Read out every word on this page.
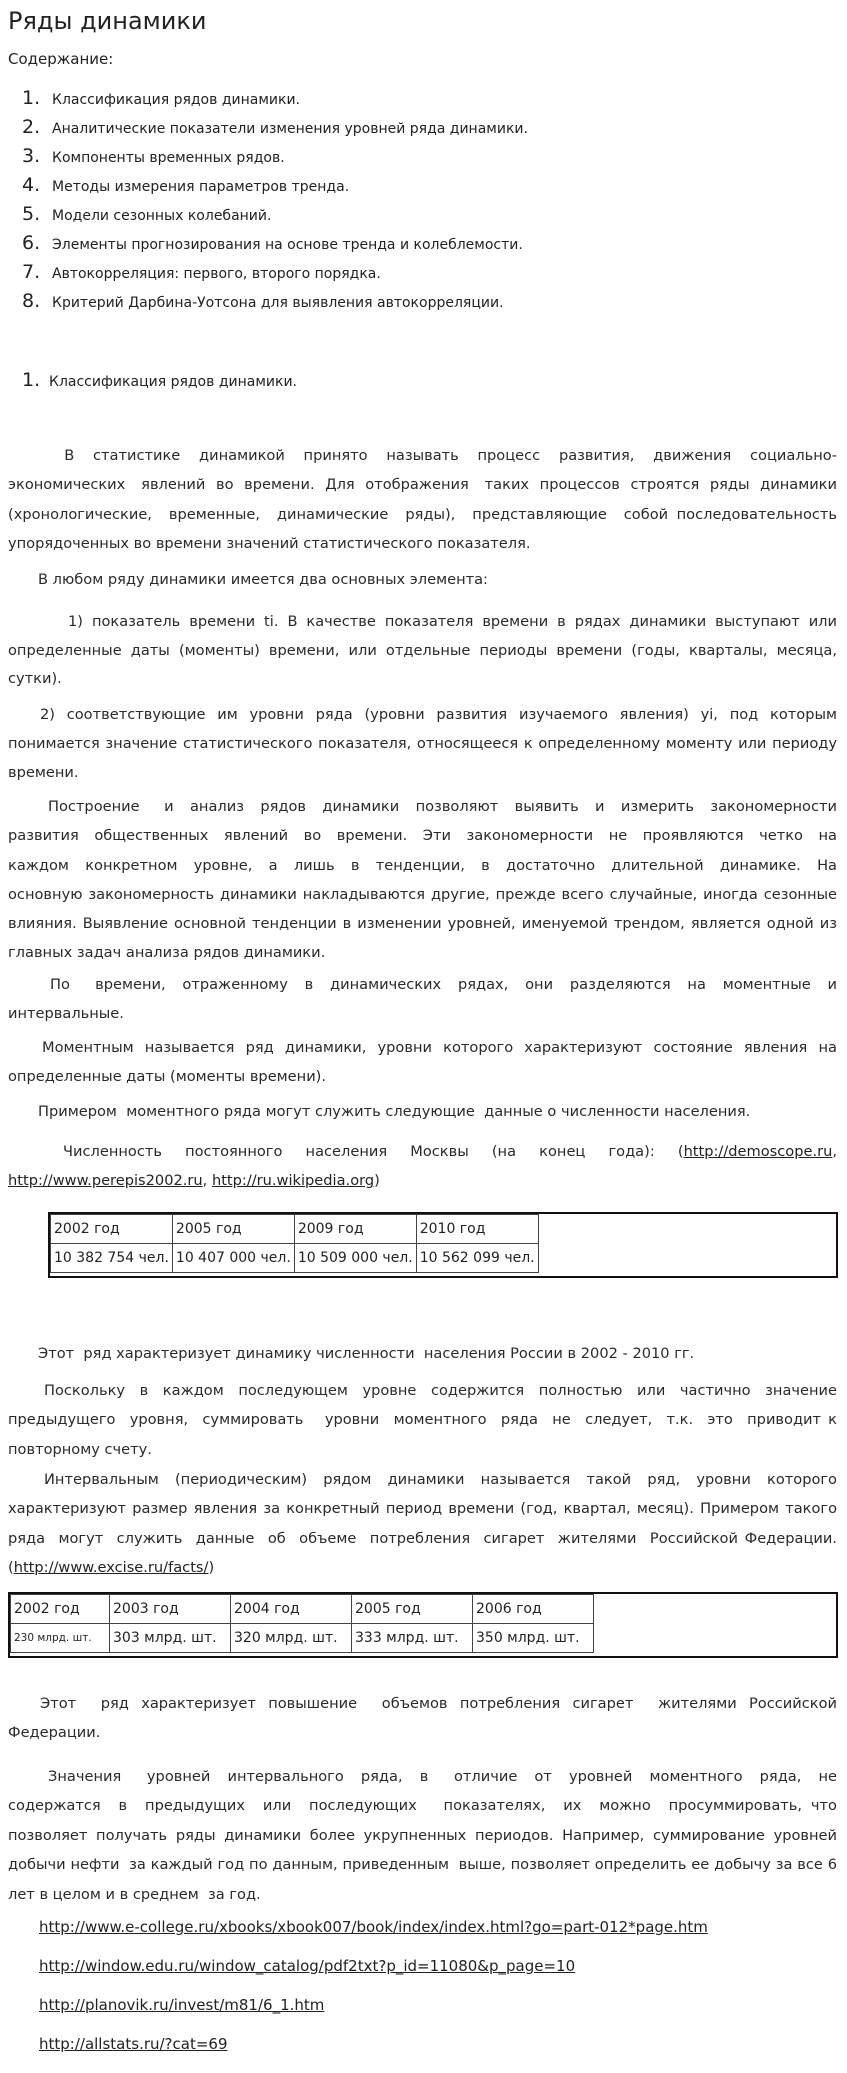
Ряды динамики
Содержание:
1. Классификация рядов динамики.
2. Аналитические показатели изменения уровней ряда динамики.
3. Компоненты временных рядов.
4. Методы измерения параметров тренда.
5. Модели сезонных колебаний.
6. Элементы прогнозирования на основе тренда и колеблемости.
7. Автокорреляция: первого, второго порядка.
8. Критерий Дарбина-Уотсона для выявления автокорреляции.
1. Классификация рядов динамики.
В  статистике  динамикой  принято  называть  процесс  развития,  движения  социально-экономических   явлений  во  времени.  Для  отображения   таких  процессов  строятся  ряды  динамики  (хронологические,  временные,  динамические  ряды),  представляющие  собой последовательность упорядоченных во времени значений статистического показателя.
В любом ряду динамики имеется два основных элемента:
1) показатель времени ti. В качестве показателя времени в рядах динамики выступают или определенные даты (моменты) времени, или отдельные периоды времени (годы, кварталы, месяца, сутки).
2) соответствующие им уровни ряда (уровни развития изучаемого явления) yi, под которым понимается значение статистического показателя, относящееся к определенному моменту или периоду времени.
Построение   и  анализ  рядов  динамики  позволяют  выявить  и  измерить  закономерности развития  общественных  явлений  во  времени.  Эти  закономерности  не  проявляются  четко  на каждом  конкретном  уровне,  а  лишь  в  тенденции,  в  достаточно  длительной  динамике.  На основную закономерность динамики накладываются другие, прежде всего случайные, иногда сезонные влияния. Выявление основной тенденции в изменении уровней, именуемой трендом, является одной из главных задач анализа рядов динамики.
По   времени,  отраженному  в  динамических  рядах,  они  разделяются  на  моментные  и интервальные.
Моментным называется ряд динамики, уровни которого характеризуют состояние явления на определенные даты (моменты времени).
Примером  моментного ряда могут служить следующие  данные о численности населения.
Численность   постоянного   населения   Москвы   (на   конец   года):   (http://demoscope.ru, http://www.perepis2002.ru, http://ru.wikipedia.org)
2002 год	2005 год	2009 год	2010 год
10 382 754 чел.	10 407 000 чел.	10 509 000 чел.	10 562 099 чел.
Этот  ряд характеризует динамику численности  населения России в 2002 - 2010 гг.
Поскольку в каждом последующем уровне содержится полностью или частично значение предыдущего  уровня,  суммировать   уровни  моментного  ряда  не  следует,  т.к.  это  приводит к повторному счету.
Интервальным (периодическим) рядом динамики называется такой ряд, уровни которого характеризуют размер явления за конкретный период времени (год, квартал, месяц). Примером такого  ряда  могут  служить  данные  об  объеме  потребления  сигарет  жителями  Российской Федерации. (http://www.excise.ru/facts/)
2002 год	2003 год	2004 год	2005 год	2006 год
230 млрд. шт.	303 млрд. шт.	320 млрд. шт.	333 млрд. шт.	350 млрд. шт.
Этот  ряд характеризует повышение  объемов потребления сигарет  жителями Российской Федерации.
Значения   уровней  интервального  ряда,  в   отличие  от  уровней  моментного  ряда,  не содержатся  в  предыдущих  или  последующих   показателях,  их  можно  просуммировать, что позволяет получать ряды динамики более укрупненных периодов. Например, суммирование уровней добычи нефти  за каждый год по данным, приведенным  выше, позволяет определить ее добычу за все 6 лет в целом и в среднем  за год.
http://www.e-college.ru/xbooks/xbook007/book/index/index.html?go=part-012*page.htm
http://window.edu.ru/window_catalog/pdf2txt?p_id=11080&p_page=10
http://planovik.ru/invest/m81/6_1.htm
http://allstats.ru/?cat=69
